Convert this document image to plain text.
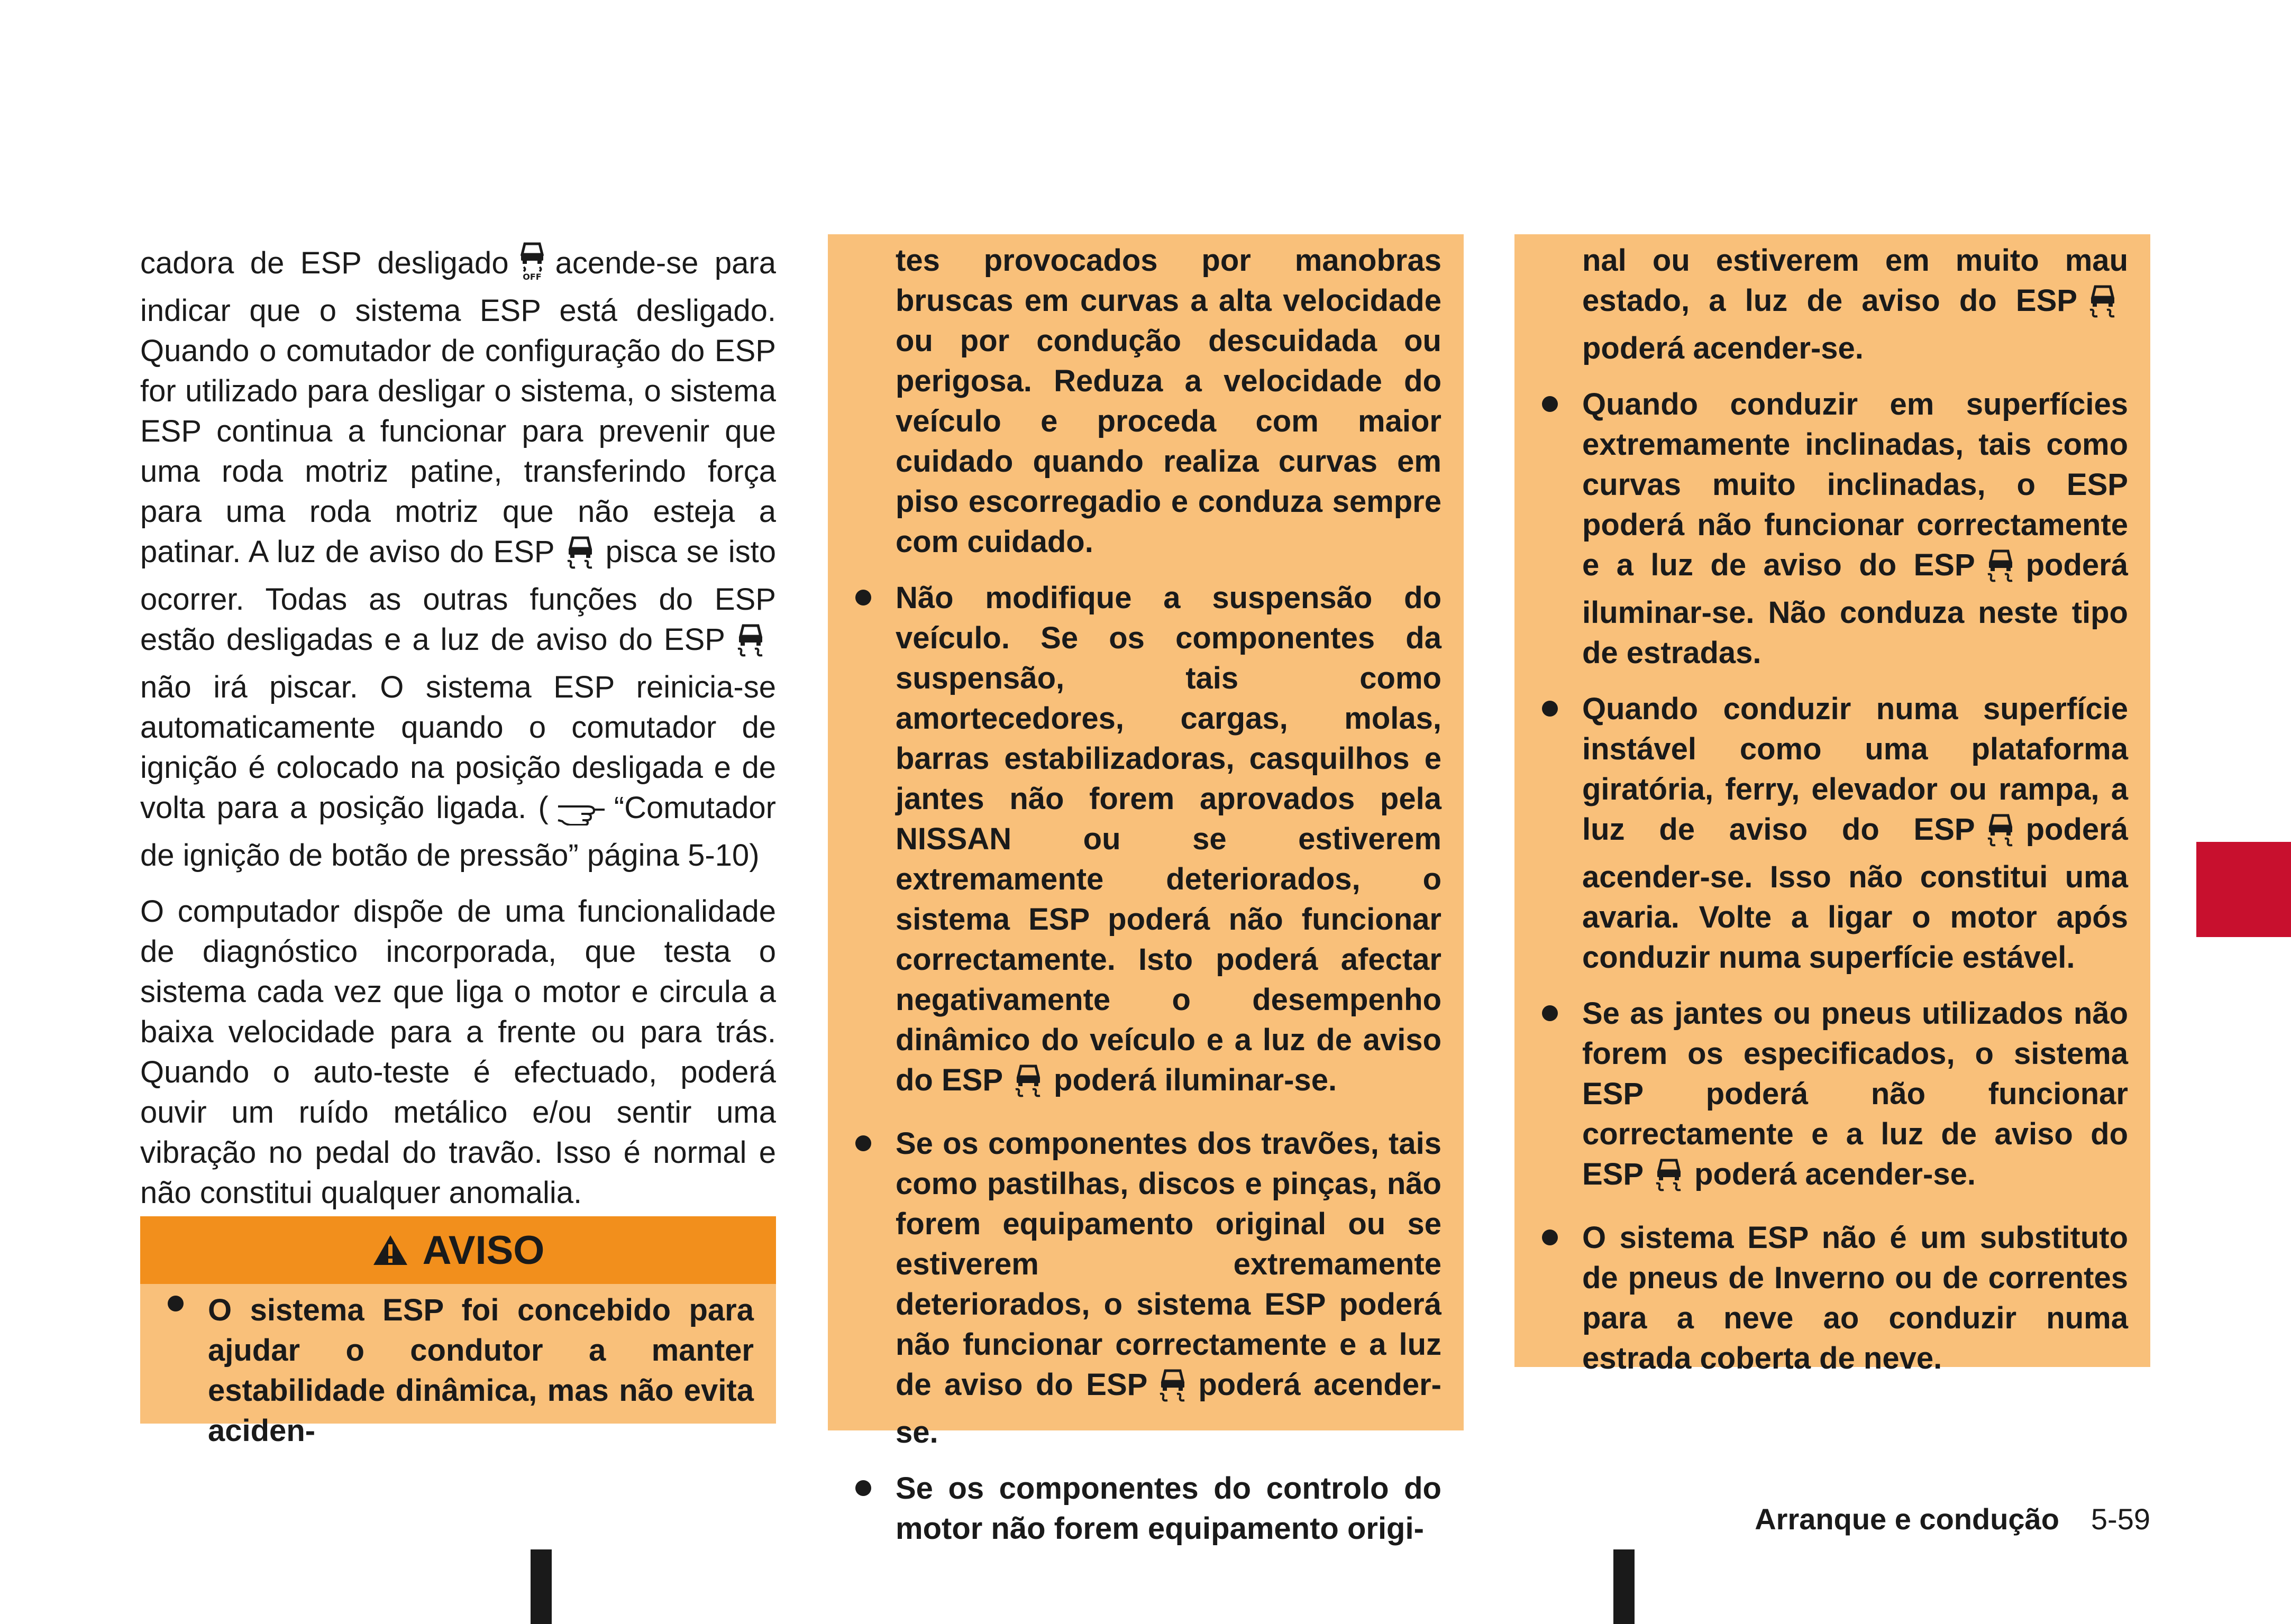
cadora de ESP desligado OFF acende-se para indicar que o sistema ESP está desligado. Quando o comutador de configuração do ESP for utilizado para desligar o sistema, o sistema ESP continua a funcionar para prevenir que uma roda motriz patine, transferindo força para uma roda motriz que não esteja a patinar. A luz de aviso do ESP pisca se isto ocorrer. Todas as outras funções do ESP estão desligadas e a luz de aviso do ESPnão irá piscar. O sistema ESP reinicia-se automaticamente quando o comutador de ignição é colocado na posição desligada e de volta para a posição ligada. ( “Comutador de ignição de botão de pressão” página 5-10)

O computador dispõe de uma funcionalidade de diagnóstico incorporada, que testa o sistema cada vez que liga o motor e circula a baixa velocidade para a frente ou para trás. Quando o auto-teste é efectuado, poderá ouvir um ruído metálico e/ou sentir uma vibração no pedal do travão. Isso é normal e não constitui qualquer anomalia.

AVISO
O sistema ESP foi concebido para ajudar o condutor a manter estabilidade dinâmica, mas não evita aciden-
tes provocados por manobras bruscas em curvas a alta velocidade ou por condução descuidada ou perigosa. Reduza a velocidade do veículo e proceda com maior cuidado quando realiza curvas em piso escorregadio e conduza sempre com cuidado.
Não modifique a suspensão do veículo. Se os componentes da suspensão, tais como amortecedores, cargas, molas, barras estabilizadoras, casquilhos e jantes não forem aprovados pela NISSAN ou se estiverem extremamente deteriorados, o sistema ESP poderá não funcionar correctamente. Isto poderá afectar negativamente o desempenho dinâmico do veículo e a luz de aviso do ESP poderá iluminar-se.
Se os componentes dos travões, tais como pastilhas, discos e pinças, não forem equipamento original ou se estiverem extremamente deteriorados, o sistema ESP poderá não funcionar correctamente e a luz de aviso do ESP poderá acender-se.
Se os componentes do controlo do motor não forem equipamento origi-
nal ou estiverem em muito mau estado, a luz de aviso do ESPpoderá acender-se.
Quando conduzir em superfícies extremamente inclinadas, tais como curvas muito inclinadas, o ESP poderá não funcionar correctamente e a luz de aviso do ESP poderá iluminar-se. Não conduza neste tipo de estradas.
Quando conduzir numa superfície instável como uma plataforma giratória, ferry, elevador ou rampa, a luz de aviso do ESP poderá acender-se. Isso não constitui uma avaria. Volte a ligar o motor após conduzir numa superfície estável.
Se as jantes ou pneus utilizados não forem os especificados, o sistema ESP poderá não funcionar correctamente e a luz de aviso do ESP poderá acender-se.
O sistema ESP não é um substituto de pneus de Inverno ou de correntes para a neve ao conduzir numa estrada coberta de neve.
Arranque e condução 5-59
